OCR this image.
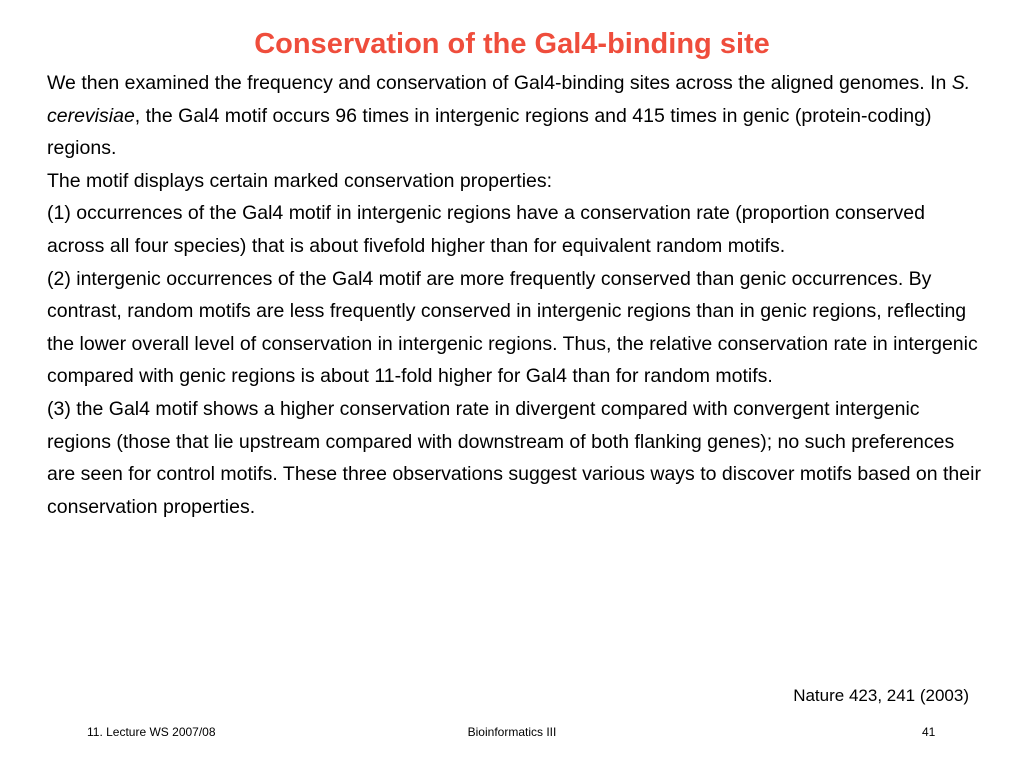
Conservation of the Gal4-binding site

We then examined the frequency and conservation of Gal4-binding sites across the aligned genomes. In S. cerevisiae, the Gal4 motif occurs 96 times in intergenic regions and 415 times in genic (protein-coding) regions.

The motif displays certain marked conservation properties:

(1) occurrences of the Gal4 motif in intergenic regions have a conservation rate (proportion conserved across all four species) that is about fivefold higher than for equivalent random motifs.

(2) intergenic occurrences of the Gal4 motif are more frequently conserved than genic occurrences. By contrast, random motifs are less frequently conserved in intergenic regions than in genic regions, reflecting the lower overall level of conservation in intergenic regions. Thus, the relative conservation rate in intergenic compared with genic regions is about 11-fold higher for Gal4 than for random motifs.

(3) the Gal4 motif shows a higher conservation rate in divergent compared with convergent intergenic regions (those that lie upstream compared with downstream of both flanking genes); no such preferences are seen for control motifs. These three observations suggest various ways to discover motifs based on their conservation properties.

Nature 423, 241 (2003)
11. Lecture WS 2007/08	Bioinformatics III	41
